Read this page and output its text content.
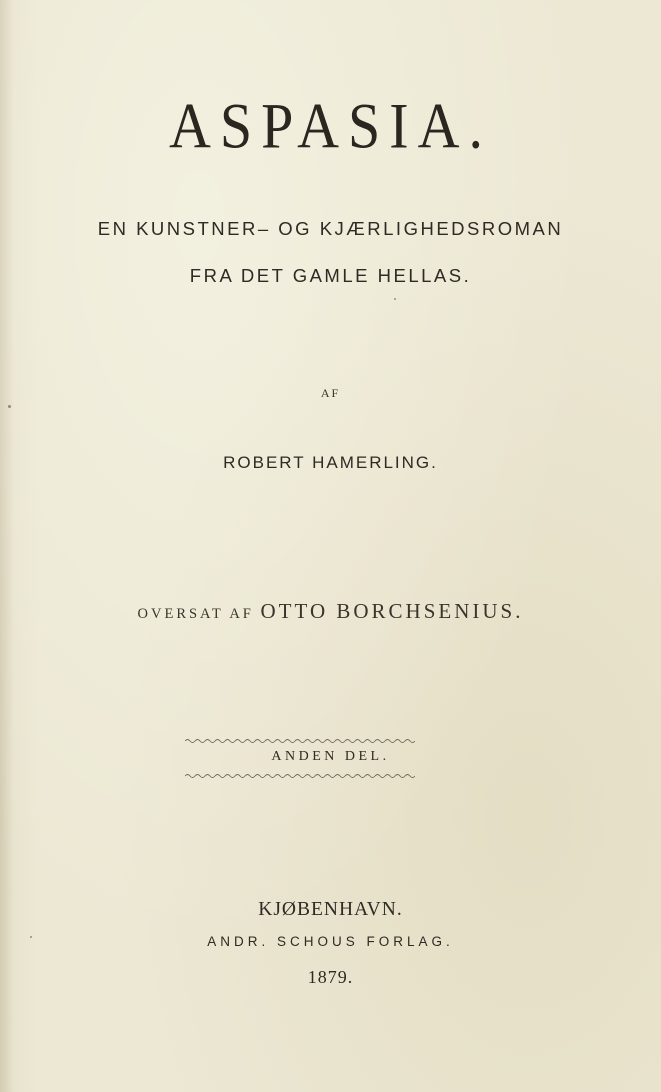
ASPASIA.
EN KUNSTNER– OG KJÆRLIGHEDSROMAN
FRA DET GAMLE HELLAS.
AF
ROBERT HAMERLING.
OVERSAT AF OTTO BORCHSENIUS.
ANDEN DEL.
KJØBENHAVN.
ANDR. SCHOUS FORLAG.
1879.
